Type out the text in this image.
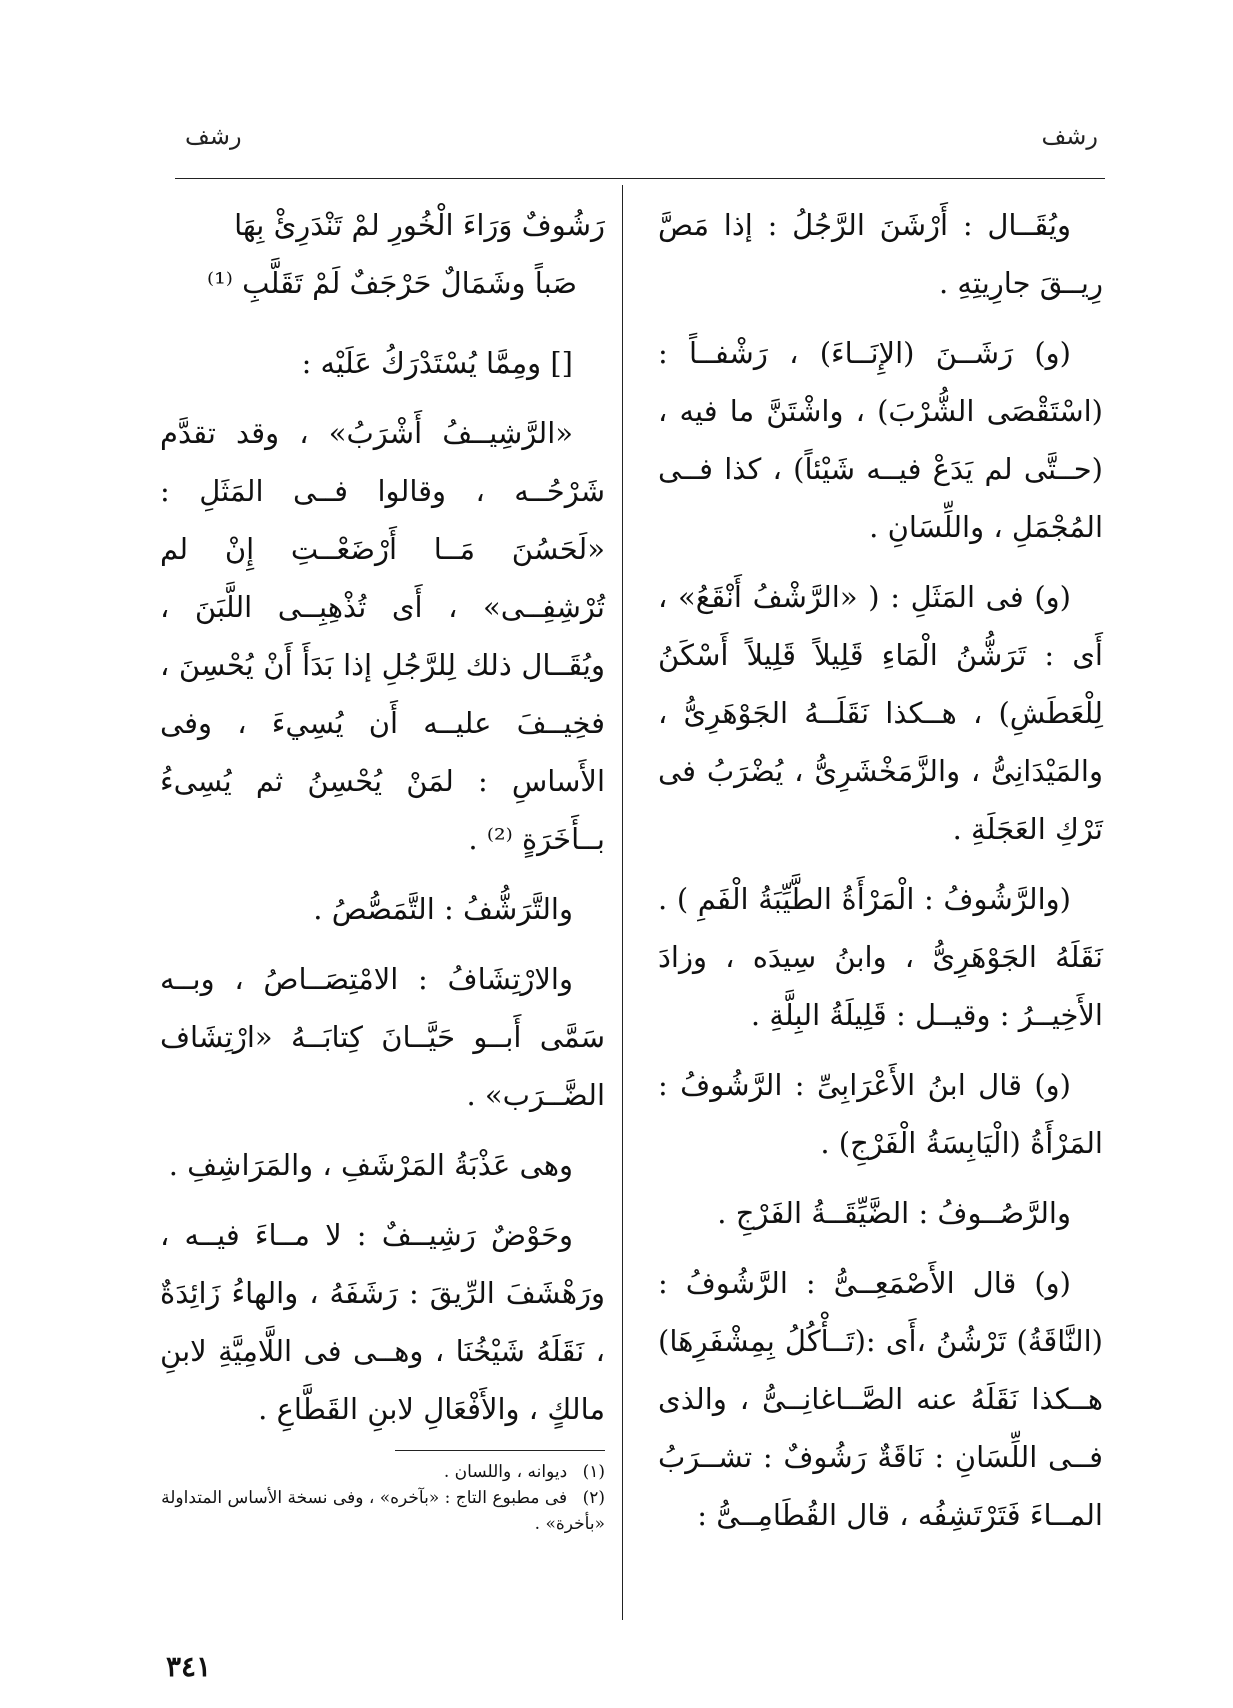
رشف
رشف

ويُقَــال : أَرْشَنَ الرَّجُلُ : إذا مَصَّ رِيــقَ جارِيتِهِ .

(و) رَشَــنَ (الإِنَــاءَ) ، رَشْفــاً : (اسْتَقْصَى الشُّرْبَ) ، واشْتَنَّ ما فيه ، (حــتَّى لم يَدَعْ فيــه شَيْئاً) ، كذا فــى المُجْمَلِ ، واللِّسَانِ .

(و) فى المَثَلِ : ( «الرَّشْفُ أَنْقَعُ» ، أَى : تَرَشُّنُ الْمَاءِ قَلِيلاً قَلِيلاً أَسْكَنُ لِلْعَطَشِ) ، هــكذا نَقَلَــهُ الجَوْهَرِىُّ ، والمَيْدَانِىُّ ، والزَّمَخْشَرِىُّ ، يُضْرَبُ فى تَرْكِ العَجَلَةِ .

(والرَّشُوفُ : الْمَرْأَةُ الطَّيِّبَةُ الْفَمِ ) . نَقَلَهُ الجَوْهَرِىُّ ، وابنُ سِيدَه ، وزادَ الأَخِيــرُ : وقيــل : قَلِيلَةُ البِلَّةِ .

(و) قال ابنُ الأَعْرَابِىِّ : الرَّشُوفُ : المَرْأَةُ (الْيَابِسَةُ الْفَرْجِ) .

والرَّصُــوفُ : الضَّيِّقَــةُ الفَرْجِ .

(و) قال الأَصْمَعِــىُّ : الرَّشُوفُ : (النَّاقَةُ) تَرْشُنُ ،أَى :(تَــأْكُلُ بِمِشْفَرِهَا) هــكذا نَقَلَهُ عنه الصَّــاغانِــىُّ ، والذى فــى اللِّسَانِ : نَاقَةٌ رَشُوفٌ : تشــرَبُ المــاءَ فَتَرْتَشِفُه ، قال القُطَامِــىُّ :

رَشُوفٌ وَرَاءَ الْخُورِ لمْ تَنْدَرِئْ بِهَا
صَباً وشَمَالٌ حَرْجَفٌ لَمْ تَقَلَّبِ ⁽¹⁾

[] ومِمَّا يُسْتَدْرَكُ عَلَيْه :

«الرَّشِيــفُ أَشْرَبُ» ، وقد تقدَّم شَرْحُــه ، وقالوا فــى المَثَلِ : «لَحَسُنَ مَــا أَرْضَعْــتِ إِنْ لم تُرْشِفِــى» ، أَى تُذْهِبِــى اللَّبَنَ ، ويُقَــال ذلك لِلرَّجُلِ إذا بَدَأَ أَنْ يُحْسِنَ ، فخِيــفَ عليــه أَن يُسِيءَ ، وفى الأَساسِ : لمَنْ يُحْسِنُ ثم يُسِىءُ بــأَخَرَةٍ ⁽²⁾ .

والتَّرَشُّفُ : التَّمَصُّصُ .

والارْتِشَافُ : الامْتِصَــاصُ ، وبــه سَمَّى أَبــو حَيَّــانَ كِتابَــهُ «ارْتِشَاف الضَّــرَب» .

وهى عَذْبَةُ المَرْشَفِ ، والمَرَاشِفِ .

وحَوْضٌ رَشِيــفٌ : لا مــاءَ فيــه ، ورَهْشَفَ الرِّيقَ : رَشَفَهُ ، والهاءُ زَائِدَةٌ ، نَقَلَهُ شَيْخُنَا ، وهــى فى اللَّامِيَّةِ لابنِ مالكٍ ، والأَفْعَالِ لابنِ القَطَّاعِ .

(١) ديوانه ، واللسان .
(٢) فى مطبوع التاج : «بآخره» ، وفى نسخة الأساس المتداولة «بأخرة» .
٣٤١
